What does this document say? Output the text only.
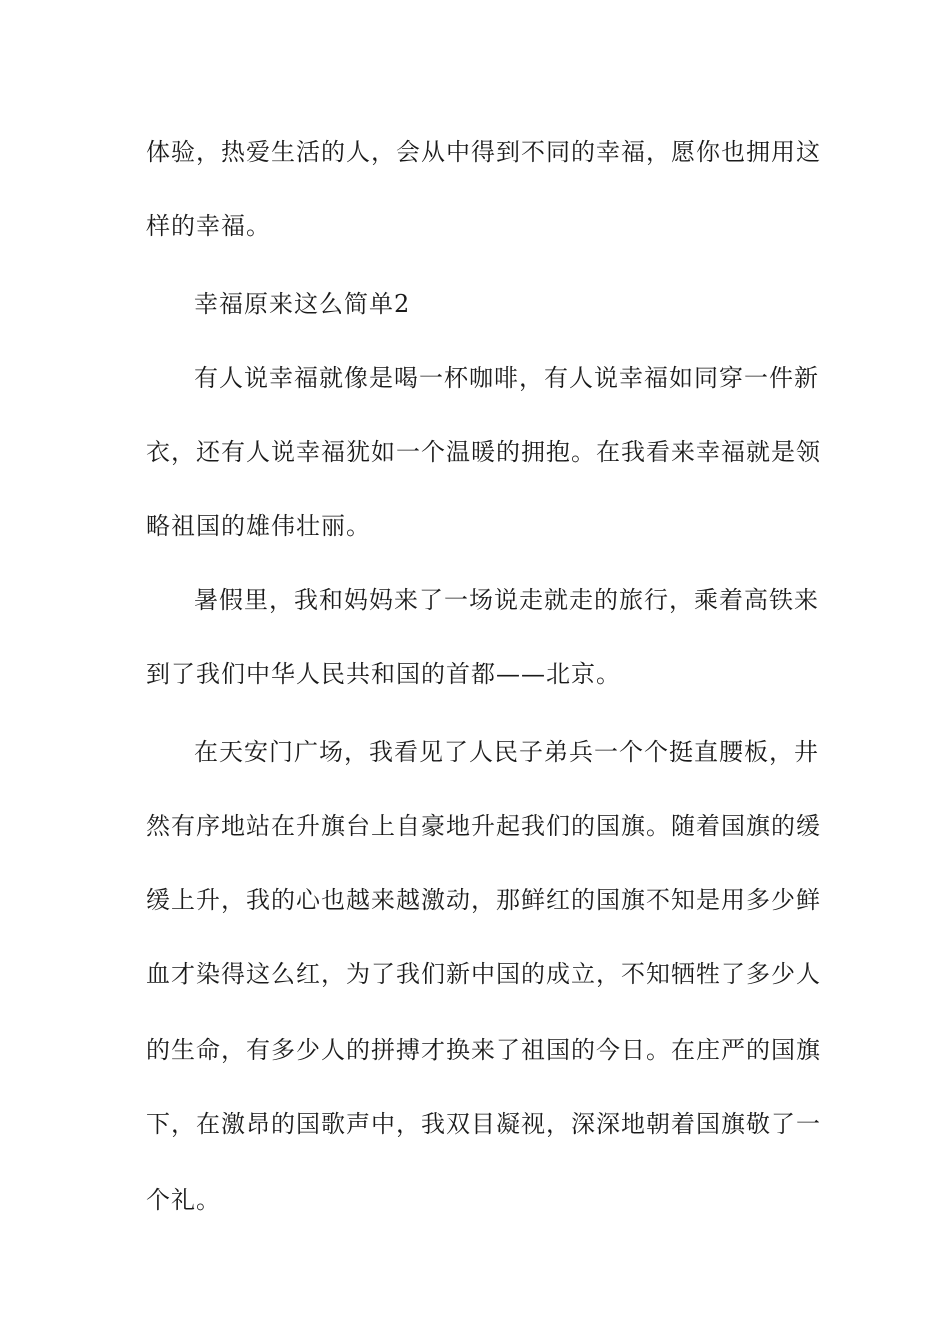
体验，热爱生活的人，会从中得到不同的幸福，愿你也拥用这
样的幸福。
幸福原来这么简单2
有人说幸福就像是喝一杯咖啡，有人说幸福如同穿一件新
衣，还有人说幸福犹如一个温暖的拥抱。在我看来幸福就是领
略祖国的雄伟壮丽。
暑假里，我和妈妈来了一场说走就走的旅行，乘着高铁来
到了我们中华人民共和国的首都——北京。
在天安门广场，我看见了人民子弟兵一个个挺直腰板，井
然有序地站在升旗台上自豪地升起我们的国旗。随着国旗的缓
缓上升，我的心也越来越激动，那鲜红的国旗不知是用多少鲜
血才染得这么红，为了我们新中国的成立，不知牺牲了多少人
的生命，有多少人的拼搏才换来了祖国的今日。在庄严的国旗
下，在激昂的国歌声中，我双目凝视，深深地朝着国旗敬了一
个礼。
